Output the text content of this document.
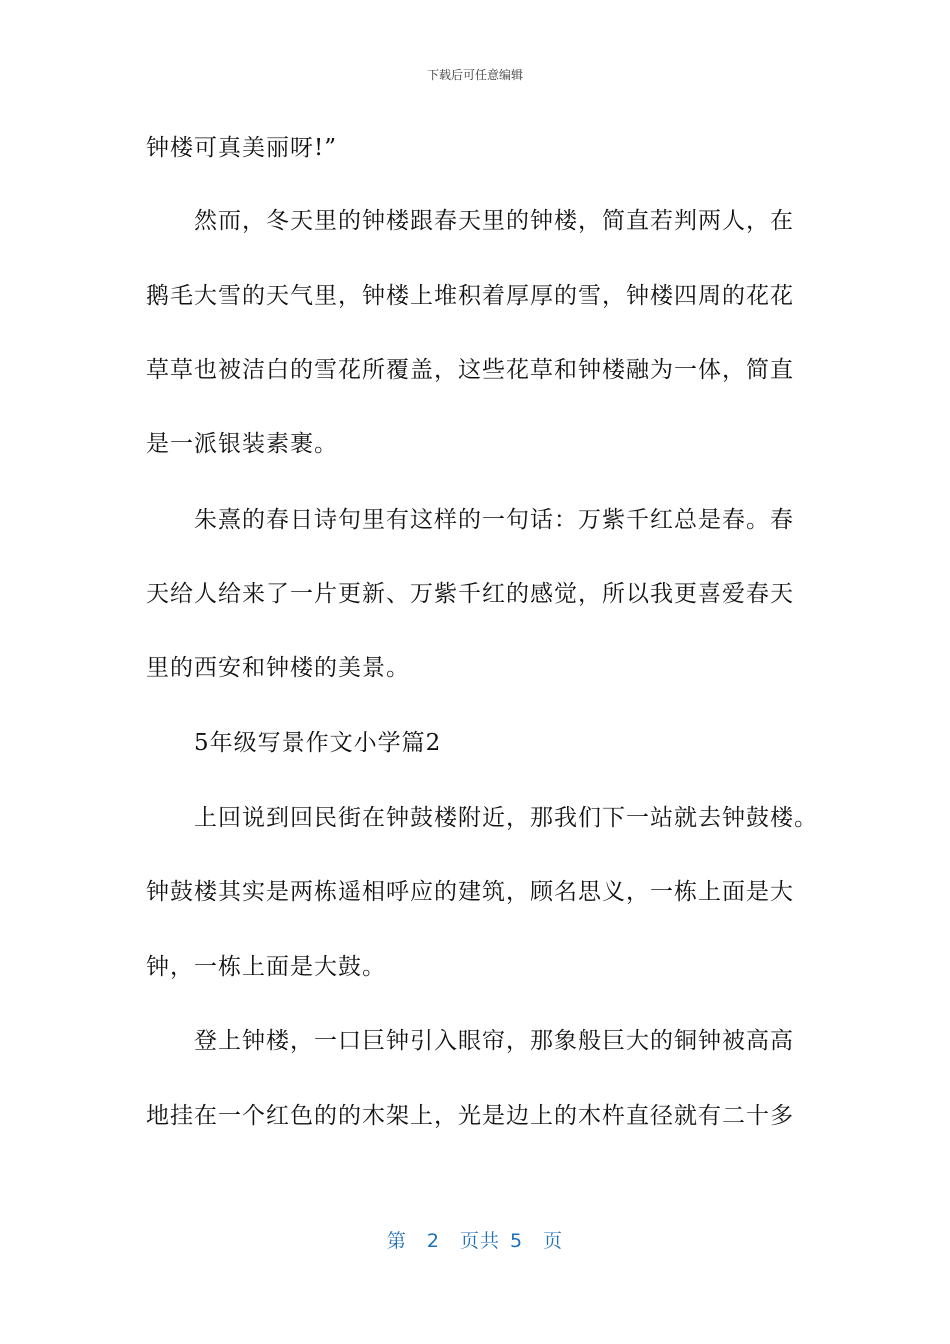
下载后可任意编辑
钟楼可真美丽呀!”
然而，冬天里的钟楼跟春天里的钟楼，简直若判两人，在
鹅毛大雪的天气里，钟楼上堆积着厚厚的雪，钟楼四周的花花
草草也被洁白的雪花所覆盖，这些花草和钟楼融为一体，简直
是一派银装素裹。
朱熹的春日诗句里有这样的一句话：万紫千红总是春。春
天给人给来了一片更新、万紫千红的感觉，所以我更喜爱春天
里的西安和钟楼的美景。
5年级写景作文小学篇2
上回说到回民街在钟鼓楼附近，那我们下一站就去钟鼓楼。
钟鼓楼其实是两栋遥相呼应的建筑，顾名思义，一栋上面是大
钟，一栋上面是大鼓。
登上钟楼，一口巨钟引入眼帘，那象般巨大的铜钟被高高
地挂在一个红色的的木架上，光是边上的木杵直径就有二十多
第 2 页共 5 页
